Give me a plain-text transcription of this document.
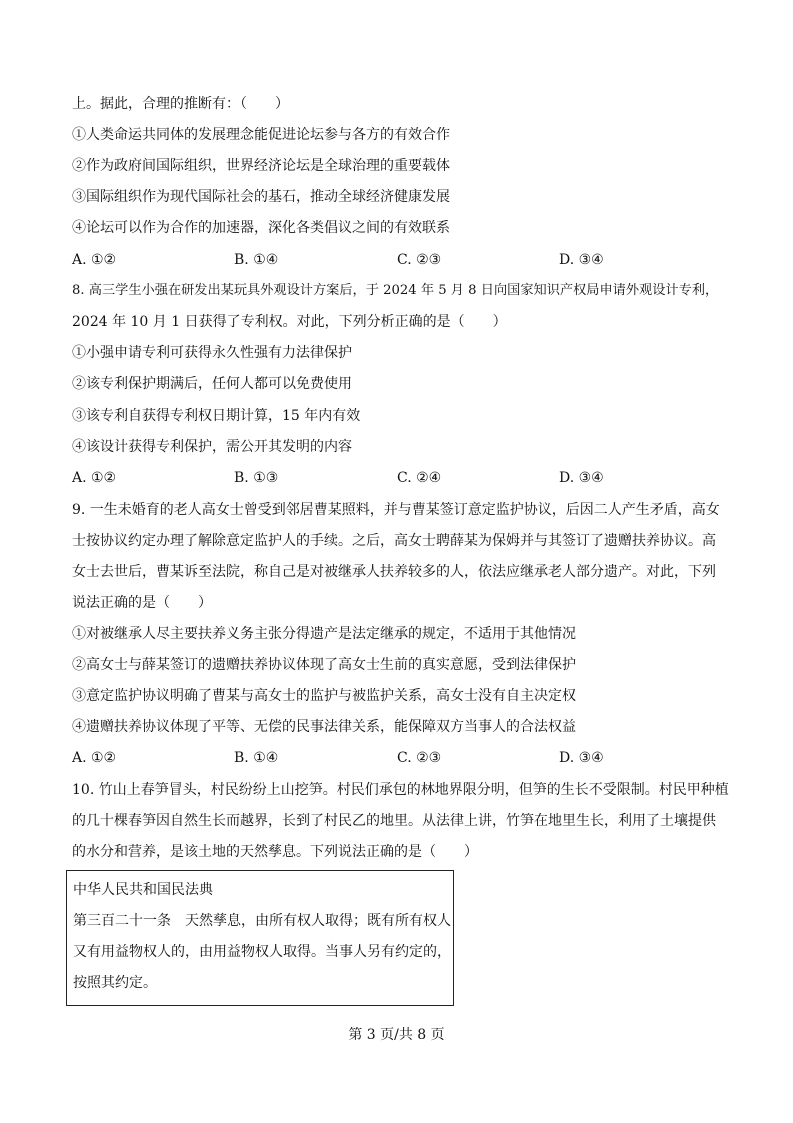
上。据此，合理的推断有：（　　）
①人类命运共同体的发展理念能促进论坛参与各方的有效合作
②作为政府间国际组织，世界经济论坛是全球治理的重要载体
③国际组织作为现代国际社会的基石，推动全球经济健康发展
④论坛可以作为合作的加速器，深化各类倡议之间的有效联系
A. ①②	B. ①④	C. ②③	D. ③④
8. 高三学生小强在研发出某玩具外观设计方案后，于 2024 年 5 月 8 日向国家知识产权局申请外观设计专利，
2024 年 10 月 1 日获得了专利权。对此，下列分析正确的是（　　）
①小强申请专利可获得永久性强有力法律保护
②该专利保护期满后，任何人都可以免费使用
③该专利自获得专利权日期计算，15 年内有效
④该设计获得专利保护，需公开其发明的内容
A. ①②	B. ①③	C. ②④	D. ③④
9. 一生未婚育的老人高女士曾受到邻居曹某照料，并与曹某签订意定监护协议，后因二人产生矛盾，高女
士按协议约定办理了解除意定监护人的手续。之后，高女士聘薛某为保姆并与其签订了遗赠扶养协议。高
女士去世后，曹某诉至法院，称自己是对被继承人扶养较多的人，依法应继承老人部分遗产。对此，下列
说法正确的是（　　）
①对被继承人尽主要扶养义务主张分得遗产是法定继承的规定，不适用于其他情况
②高女士与薛某签订的遗赠扶养协议体现了高女士生前的真实意愿，受到法律保护
③意定监护协议明确了曹某与高女士的监护与被监护关系，高女士没有自主决定权
④遗赠扶养协议体现了平等、无偿的民事法律关系，能保障双方当事人的合法权益
A. ①②	B. ①④	C. ②③	D. ③④
10. 竹山上春笋冒头，村民纷纷上山挖笋。村民们承包的林地界限分明，但笋的生长不受限制。村民甲种植
的几十棵春笋因自然生长而越界，长到了村民乙的地里。从法律上讲，竹笋在地里生长，利用了土壤提供
的水分和营养，是该土地的天然孳息。下列说法正确的是（　　）
中华人民共和国民法典
第三百二十一条　天然孳息，由所有权人取得；既有所有权人
又有用益物权人的，由用益物权人取得。当事人另有约定的，
按照其约定。
第 3 页/共 8 页
